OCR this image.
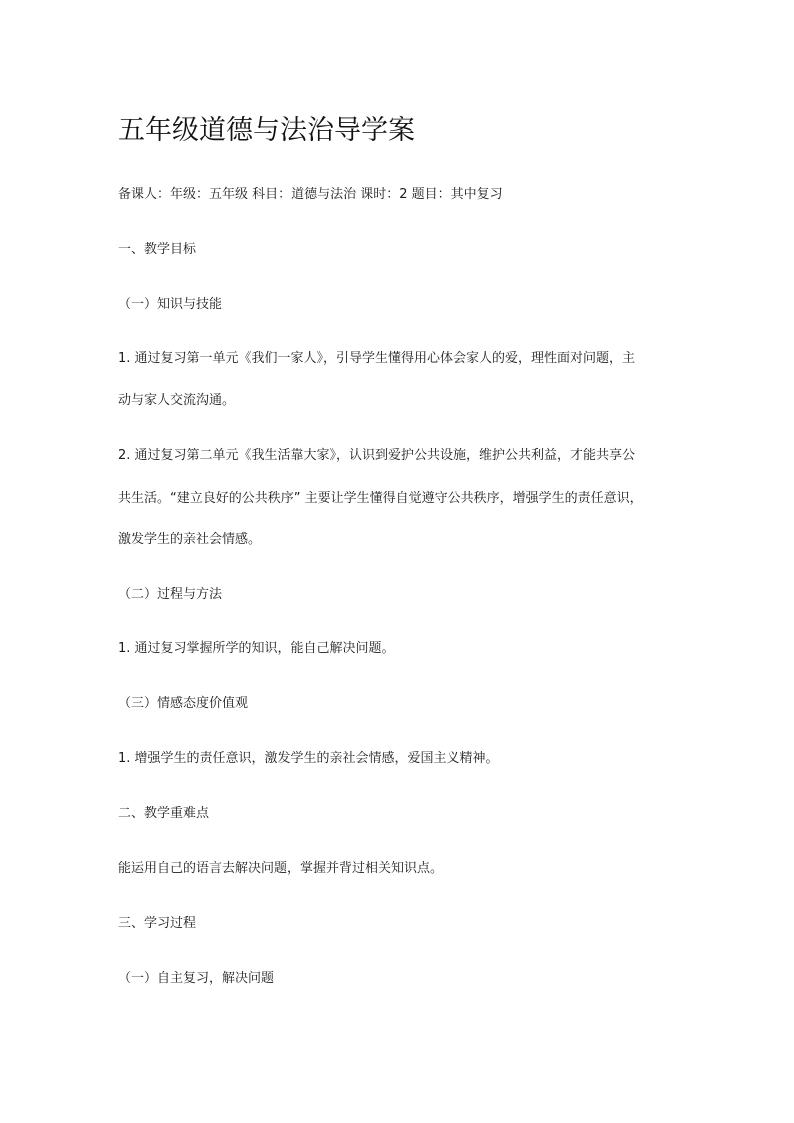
五年级道德与法治导学案

备课人：年级：五年级 科目：道德与法治 课时：2 题目：其中复习

一、教学目标

（一）知识与技能

1. 通过复习第一单元《我们一家人》，引导学生懂得用心体会家人的爱，理性面对问题，主

动与家人交流沟通。

2. 通过复习第二单元《我生活靠大家》，认识到爱护公共设施，维护公共利益，才能共享公

共生活。“建立良好的公共秩序” 主要让学生懂得自觉遵守公共秩序，增强学生的责任意识，

激发学生的亲社会情感。

（二）过程与方法

1. 通过复习掌握所学的知识，能自己解决问题。

（三）情感态度价值观

1. 增强学生的责任意识，激发学生的亲社会情感，爱国主义精神。

二、教学重难点

能运用自己的语言去解决问题，掌握并背过相关知识点。

三、学习过程

（一）自主复习，解决问题
